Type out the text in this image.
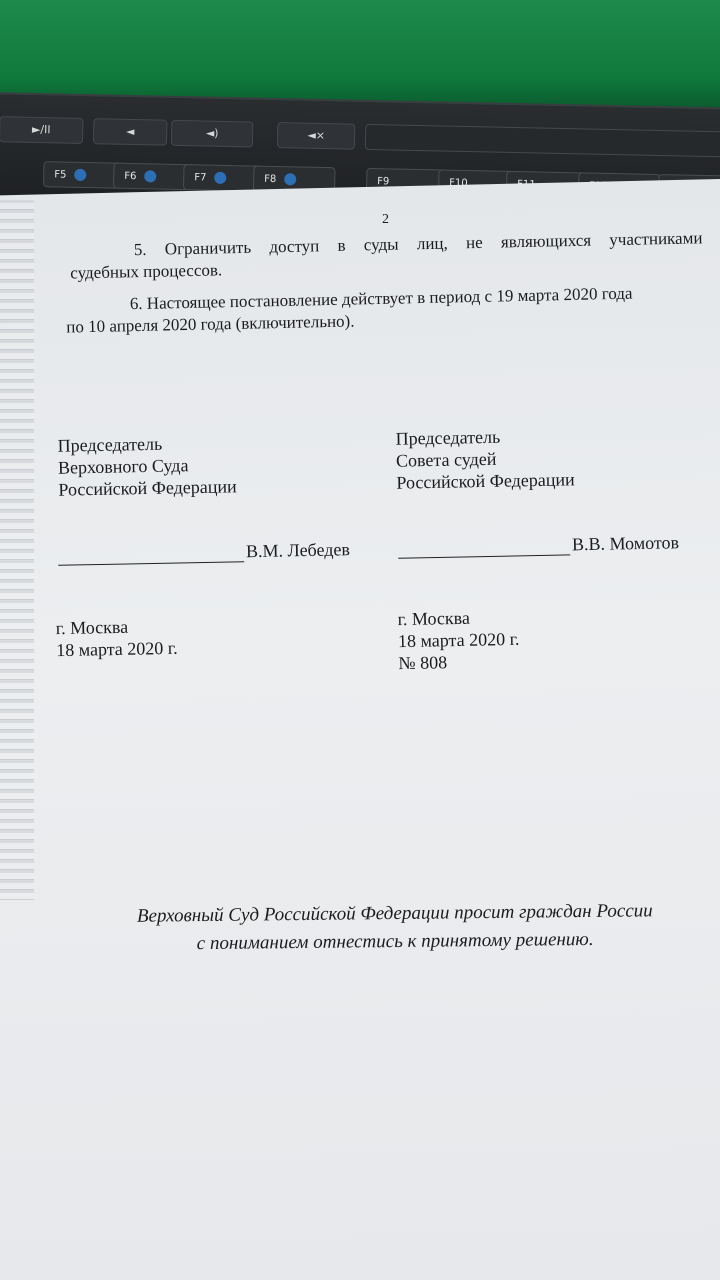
►/II	◄	◄)	◄×
F5	F6	F7	F8	F9	F10
2
5. Ограничить доступ в суды лиц, не являющихся участниками
судебных процессов.
6. Настоящее постановление действует в период с 19 марта 2020 года
по 10 апреля 2020 года (включительно).
Председатель
Верховного Суда
Российской Федерации
Председатель
Совета судей
Российской Федерации
В.М. Лебедев	В.В. Момотов
г. Москва
18 марта 2020 г.
г. Москва
18 марта 2020 г.
№ 808
Верховный Суд Российской Федерации просит граждан России
с пониманием отнестись к принятому решению.
